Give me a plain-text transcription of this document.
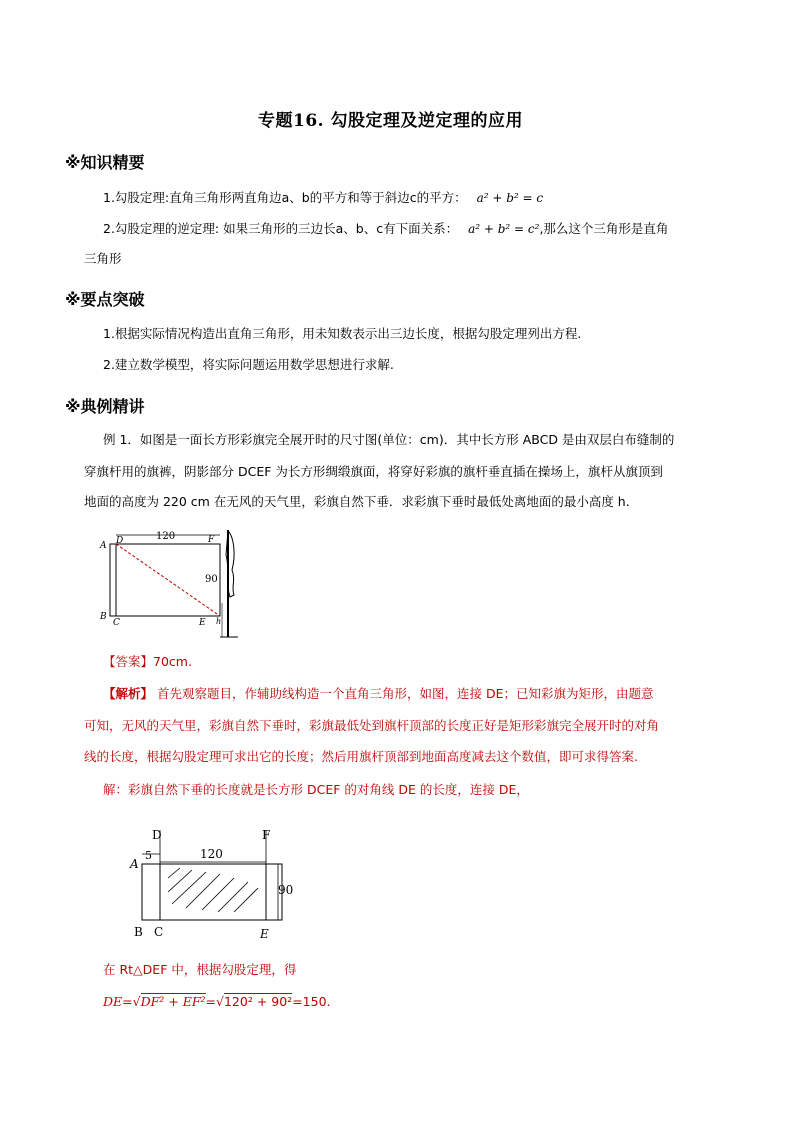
专题16. 勾股定理及逆定理的应用
※知识精要
1.勾股定理:直角三角形两直角边a、b的平方和等于斜边c的平方： a² + b² = c
2.勾股定理的逆定理: 如果三角形的三边长a、b、c有下面关系： a² + b² = c²,那么这个三角形是直角
三角形
※要点突破
1.根据实际情况构造出直角三角形，用未知数表示出三边长度，根据勾股定理列出方程.
2.建立数学模型，将实际问题运用数学思想进行求解.
※典例精讲
例 1．如图是一面长方形彩旗完全展开时的尺寸图(单位：cm)．其中长方形 ABCD 是由双层白布缝制的
穿旗杆用的旗裤，阴影部分 DCEF 为长方形绸缎旗面，将穿好彩旗的旗杆垂直插在操场上，旗杆从旗顶到
地面的高度为 220 cm 在无风的天气里，彩旗自然下垂．求彩旗下垂时最低处离地面的最小高度 h.
120
90
A D
B
C	E
F
h
【答案】70cm.
【解析】 首先观察题目，作辅助线构造一个直角三角形，如图，连接 DE；已知彩旗为矩形，由题意
可知，无风的天气里，彩旗自然下垂时，彩旗最低处到旗杆顶部的长度正好是矩形彩旗完全展开时的对角
线的长度，根据勾股定理可求出它的长度；然后用旗杆顶部到地面高度减去这个数值，即可求得答案.
解：彩旗自然下垂的长度就是长方形 DCEF 的对角线 DE 的长度，连接 DE，
D	F
A
5	120
90
B C	E
在 Rt△DEF 中，根据勾股定理，得
DE=√DF² + EF²=√120² + 90²=150.
